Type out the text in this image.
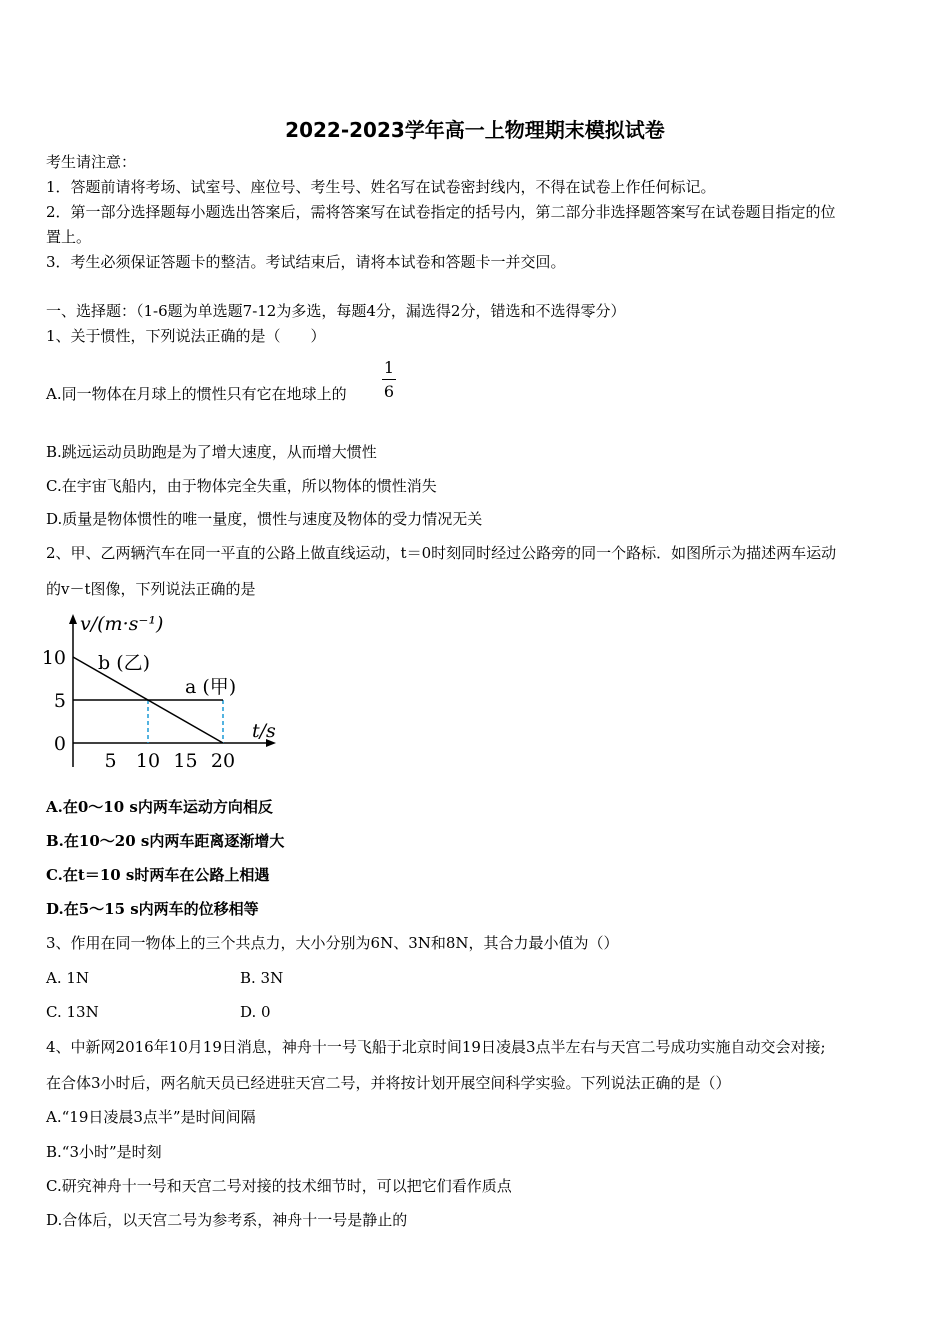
2022-2023学年高一上物理期末模拟试卷
考生请注意：
1．答题前请将考场、试室号、座位号、考生号、姓名写在试卷密封线内，不得在试卷上作任何标记。
2．第一部分选择题每小题选出答案后，需将答案写在试卷指定的括号内，第二部分非选择题答案写在试卷题目指定的位
置上。
3．考生必须保证答题卡的整洁。考试结束后，请将本试卷和答题卡一并交回。
一、选择题：（1-6题为单选题7-12为多选，每题4分，漏选得2分，错选和不选得零分）
1、关于惯性，下列说法正确的是（　　）
A.同一物体在月球上的惯性只有它在地球上的
1
6
B.跳远运动员助跑是为了增大速度，从而增大惯性
C.在宇宙飞船内，由于物体完全失重，所以物体的惯性消失
D.质量是物体惯性的唯一量度，惯性与速度及物体的受力情况无关
2、甲、乙两辆汽车在同一平直的公路上做直线运动，t＝0时刻同时经过公路旁的同一个路标．如图所示为描述两车运动
的v－t图像，下列说法正确的是
a (甲)
b (乙)
5 10 15 20
0
5
10
v/(m·s⁻¹)
t/s
A.在0～10 s内两车运动方向相反
B.在10～20 s内两车距离逐渐增大
C.在t＝10 s时两车在公路上相遇
D.在5～15 s内两车的位移相等
3、作用在同一物体上的三个共点力，大小分别为6N、3N和8N，其合力最小值为（）
A. 1N	B. 3N
C. 13N	D. 0
4、中新网2016年10月19日消息，神舟十一号飞船于北京时间19日凌晨3点半左右与天宫二号成功实施自动交会对接;
在合体3小时后，两名航天员已经进驻天宫二号，并将按计划开展空间科学实验。下列说法正确的是（）
A.“19日凌晨3点半”是时间间隔
B.“3小时”是时刻
C.研究神舟十一号和天宫二号对接的技术细节时，可以把它们看作质点
D.合体后，以天宫二号为参考系，神舟十一号是静止的
